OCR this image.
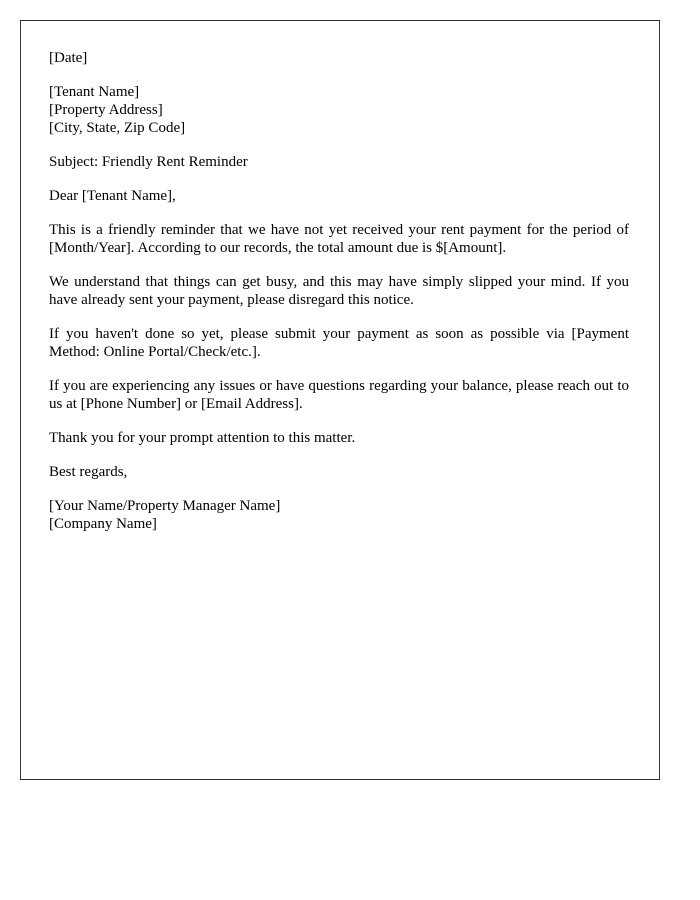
[Date]

[Tenant Name]
[Property Address]
[City, State, Zip Code]

Subject: Friendly Rent Reminder

Dear [Tenant Name],

This is a friendly reminder that we have not yet received your rent payment for the period of [Month/Year]. According to our records, the total amount due is $[Amount].

We understand that things can get busy, and this may have simply slipped your mind. If you have already sent your payment, please disregard this notice.

If you haven't done so yet, please submit your payment as soon as possible via [Payment Method: Online Portal/Check/etc.].

If you are experiencing any issues or have questions regarding your balance, please reach out to us at [Phone Number] or [Email Address].

Thank you for your prompt attention to this matter.

Best regards,

[Your Name/Property Manager Name]
[Company Name]
